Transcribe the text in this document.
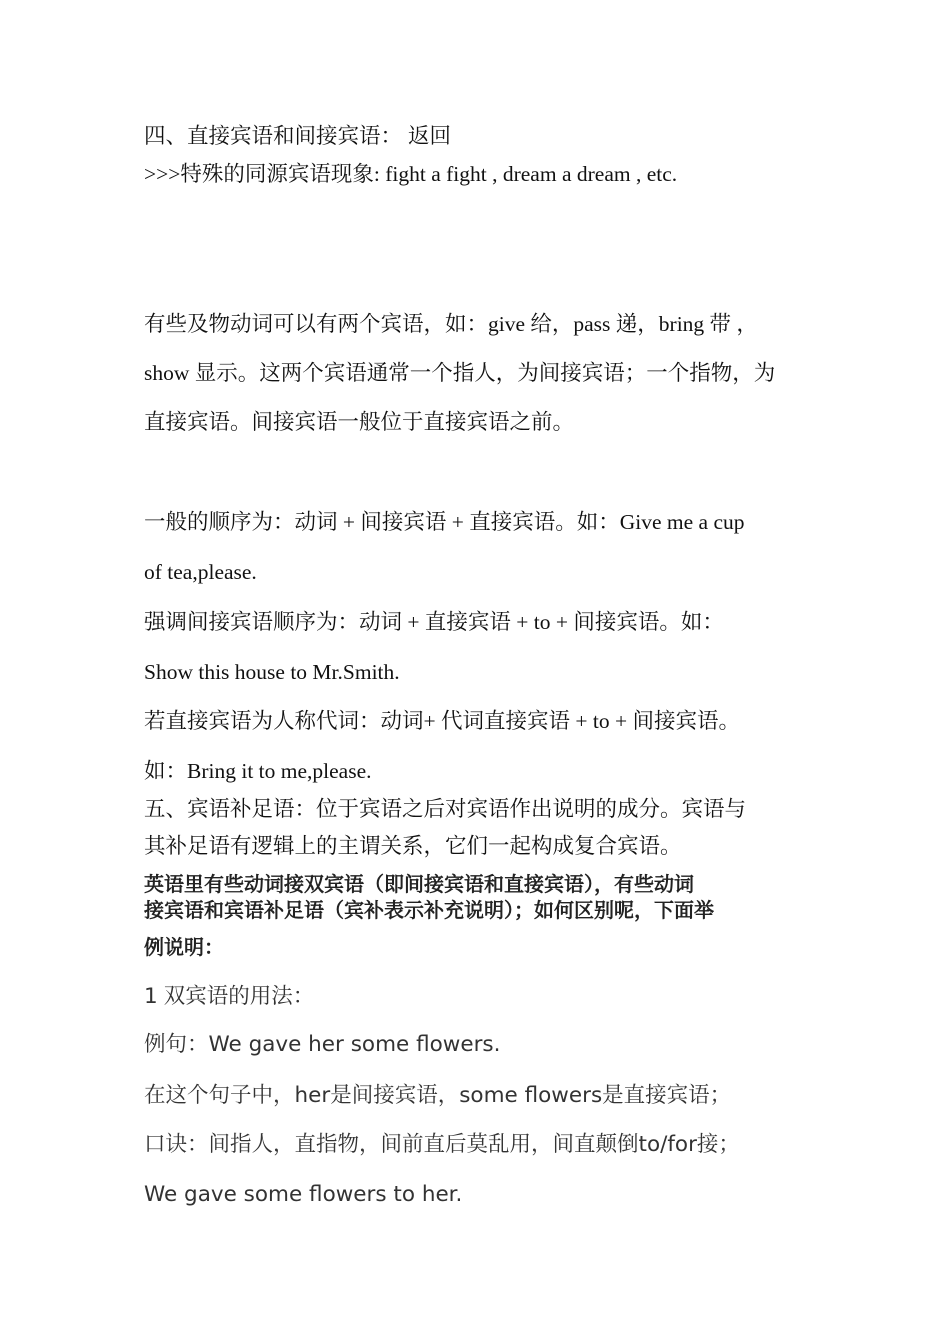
四、直接宾语和间接宾语： 返回
>>>特殊的同源宾语现象: fight a fight , dream a dream , etc.
有些及物动词可以有两个宾语，如：give 给，pass 递，bring 带 ，
show 显示。这两个宾语通常一个指人，为间接宾语；一个指物，为
直接宾语。间接宾语一般位于直接宾语之前。
一般的顺序为：动词 + 间接宾语 + 直接宾语。如：Give me a cup
of tea,please.
强调间接宾语顺序为：动词 + 直接宾语 + to + 间接宾语。如：
Show this house to Mr.Smith.
若直接宾语为人称代词：动词+ 代词直接宾语 + to + 间接宾语。
如：Bring it to me,please.
五、宾语补足语：位于宾语之后对宾语作出说明的成分。宾语与
其补足语有逻辑上的主谓关系，它们一起构成复合宾语。
英语里有些动词接双宾语（即间接宾语和直接宾语），有些动词
接宾语和宾语补足语（宾补表示补充说明）；如何区别呢，下面举
例说明：
1 双宾语的用法：
例句：We gave her some flowers.
在这个句子中，her是间接宾语，some flowers是直接宾语；
口诀：间指人，直指物，间前直后莫乱用，间直颠倒to/for接；
We gave some flowers to her.
